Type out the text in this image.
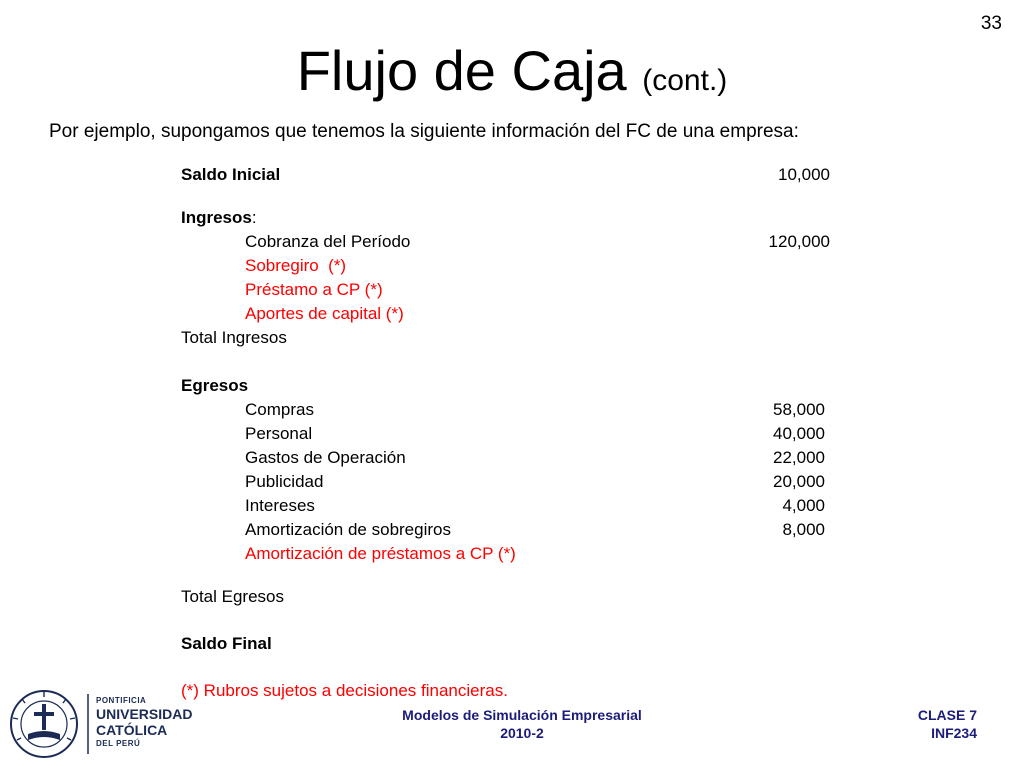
33
Flujo de Caja (cont.)
Por ejemplo, supongamos que tenemos la siguiente información del FC de una empresa:
Saldo Inicial	10,000
Ingresos:
Cobranza del Período	120,000
Sobregiro  (*)
Préstamo a CP (*)
Aportes de capital (*)
Total Ingresos
Egresos
Compras	58,000
Personal	40,000
Gastos de Operación	22,000
Publicidad	20,000
Intereses	4,000
Amortización de sobregiros	8,000
Amortización de préstamos a CP (*)
Total Egresos
Saldo Final
(*) Rubros sujetos a decisiones financieras.
PONTIFICIA
UNIVERSIDAD
CATÓLICA
DEL PERÚ
Modelos de Simulación Empresarial
2010-2
CLASE 7
INF234
